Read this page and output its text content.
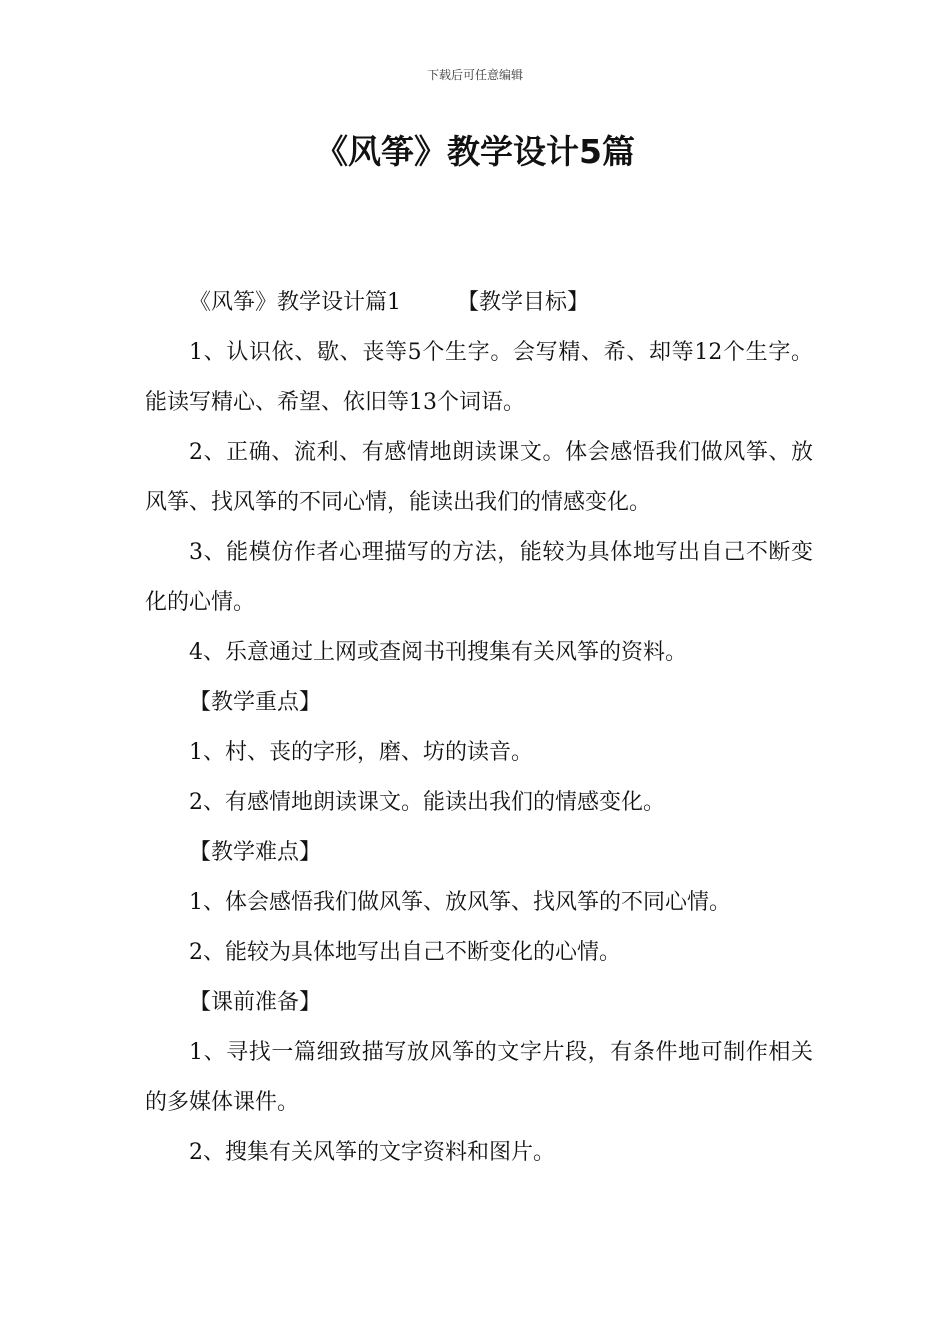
下载后可任意编辑
《风筝》教学设计5篇

《风筝》教学设计篇1	【教学目标】

1、认识依、歇、丧等5个生字。会写精、希、却等12个生字。能读写精心、希望、依旧等13个词语。

2、正确、流利、有感情地朗读课文。体会感悟我们做风筝、放风筝、找风筝的不同心情，能读出我们的情感变化。

3、能模仿作者心理描写的方法，能较为具体地写出自己不断变化的心情。

4、乐意通过上网或查阅书刊搜集有关风筝的资料。

【教学重点】

1、村、丧的字形，磨、坊的读音。

2、有感情地朗读课文。能读出我们的情感变化。

【教学难点】

1、体会感悟我们做风筝、放风筝、找风筝的不同心情。

2、能较为具体地写出自己不断变化的心情。

【课前准备】

1、寻找一篇细致描写放风筝的文字片段，有条件地可制作相关的多媒体课件。

2、搜集有关风筝的文字资料和图片。
